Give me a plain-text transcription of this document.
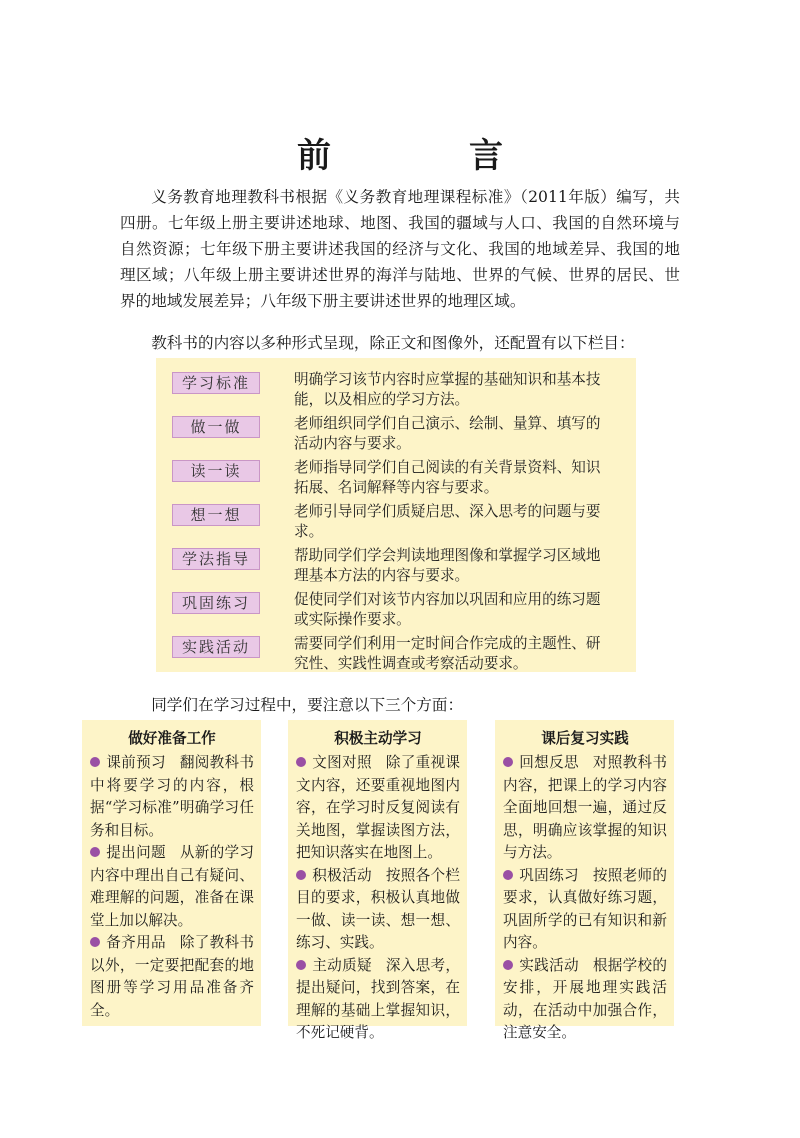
前　言

义务教育地理教科书根据《义务教育地理课程标准》（2011年版）编写，共四册。七年级上册主要讲述地球、地图、我国的疆域与人口、我国的自然环境与自然资源；七年级下册主要讲述我国的经济与文化、我国的地域差异、我国的地理区域；八年级上册主要讲述世界的海洋与陆地、世界的气候、世界的居民、世界的地域发展差异；八年级下册主要讲述世界的地理区域。

教科书的内容以多种形式呈现，除正文和图像外，还配置有以下栏目：
学习标准	明确学习该节内容时应掌握的基础知识和基本技能，以及相应的学习方法。
做一做	老师组织同学们自己演示、绘制、量算、填写的活动内容与要求。
读一读	老师指导同学们自己阅读的有关背景资料、知识拓展、名词解释等内容与要求。
想一想	老师引导同学们质疑启思、深入思考的问题与要求。
学法指导	帮助同学们学会判读地理图像和掌握学习区域地理基本方法的内容与要求。
巩固练习	促使同学们对该节内容加以巩固和应用的练习题或实际操作要求。
实践活动	需要同学们利用一定时间合作完成的主题性、研究性、实践性调查或考察活动要求。
同学们在学习过程中，要注意以下三个方面：
做好准备工作
课前预习 翻阅教科书中将要学习的内容，根据“学习标准”明确学习任务和目标。
提出问题 从新的学习内容中理出自己有疑问、难理解的问题，准备在课堂上加以解决。
备齐用品 除了教科书以外，一定要把配套的地图册等学习用品准备齐全。
积极主动学习
文图对照 除了重视课文内容，还要重视地图内容，在学习时反复阅读有关地图，掌握读图方法，把知识落实在地图上。
积极活动 按照各个栏目的要求，积极认真地做一做、读一读、想一想、练习、实践。
主动质疑 深入思考，提出疑问，找到答案，在理解的基础上掌握知识，不死记硬背。
课后复习实践
回想反思 对照教科书内容，把课上的学习内容全面地回想一遍，通过反思，明确应该掌握的知识与方法。
巩固练习 按照老师的要求，认真做好练习题，巩固所学的已有知识和新内容。
实践活动 根据学校的安排，开展地理实践活动，在活动中加强合作，注意安全。
